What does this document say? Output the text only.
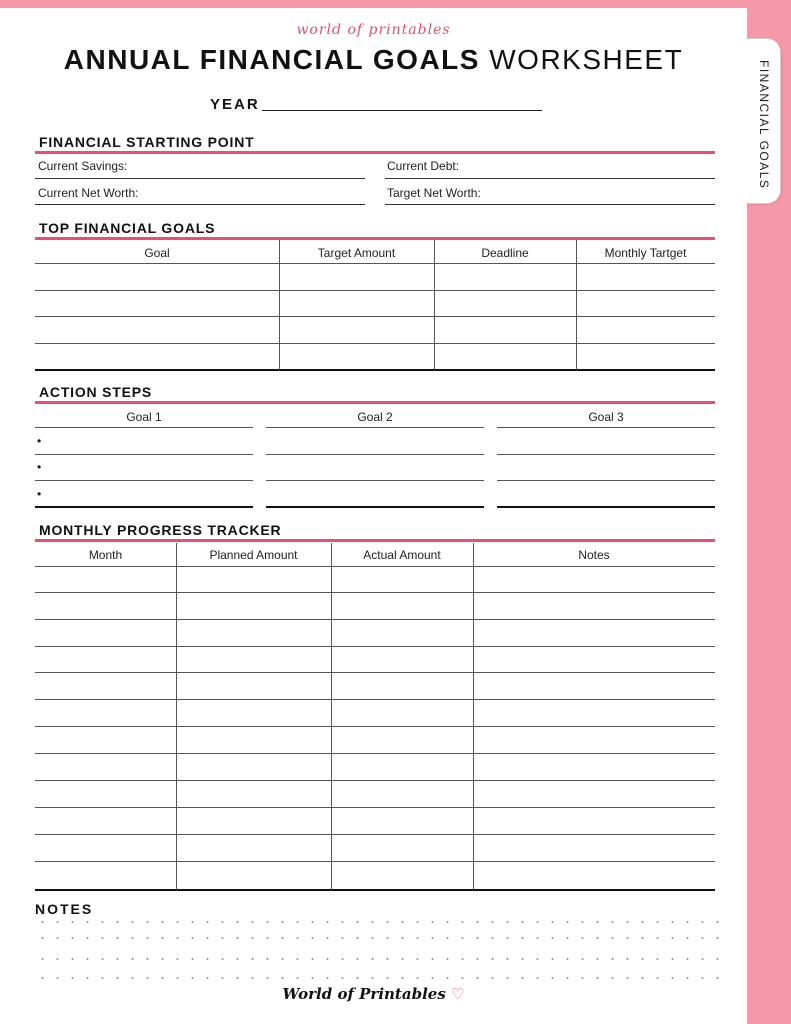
FINANCIAL GOALS
world of printables
ANNUAL FINANCIAL GOALS WORKSHEET
YEAR
FINANCIAL STARTING POINT
Current Savings:	Current Debt:
Current Net Worth:	Target Net Worth:
TOP FINANCIAL GOALS
Goal	Target Amount	Deadline	Monthly Tartget
ACTION STEPS
Goal 1	Goal 2	Goal 3
•
•
•
MONTHLY PROGRESS TRACKER
Month	Planned Amount	Actual Amount	Notes
NOTES
World of Printables ♡
